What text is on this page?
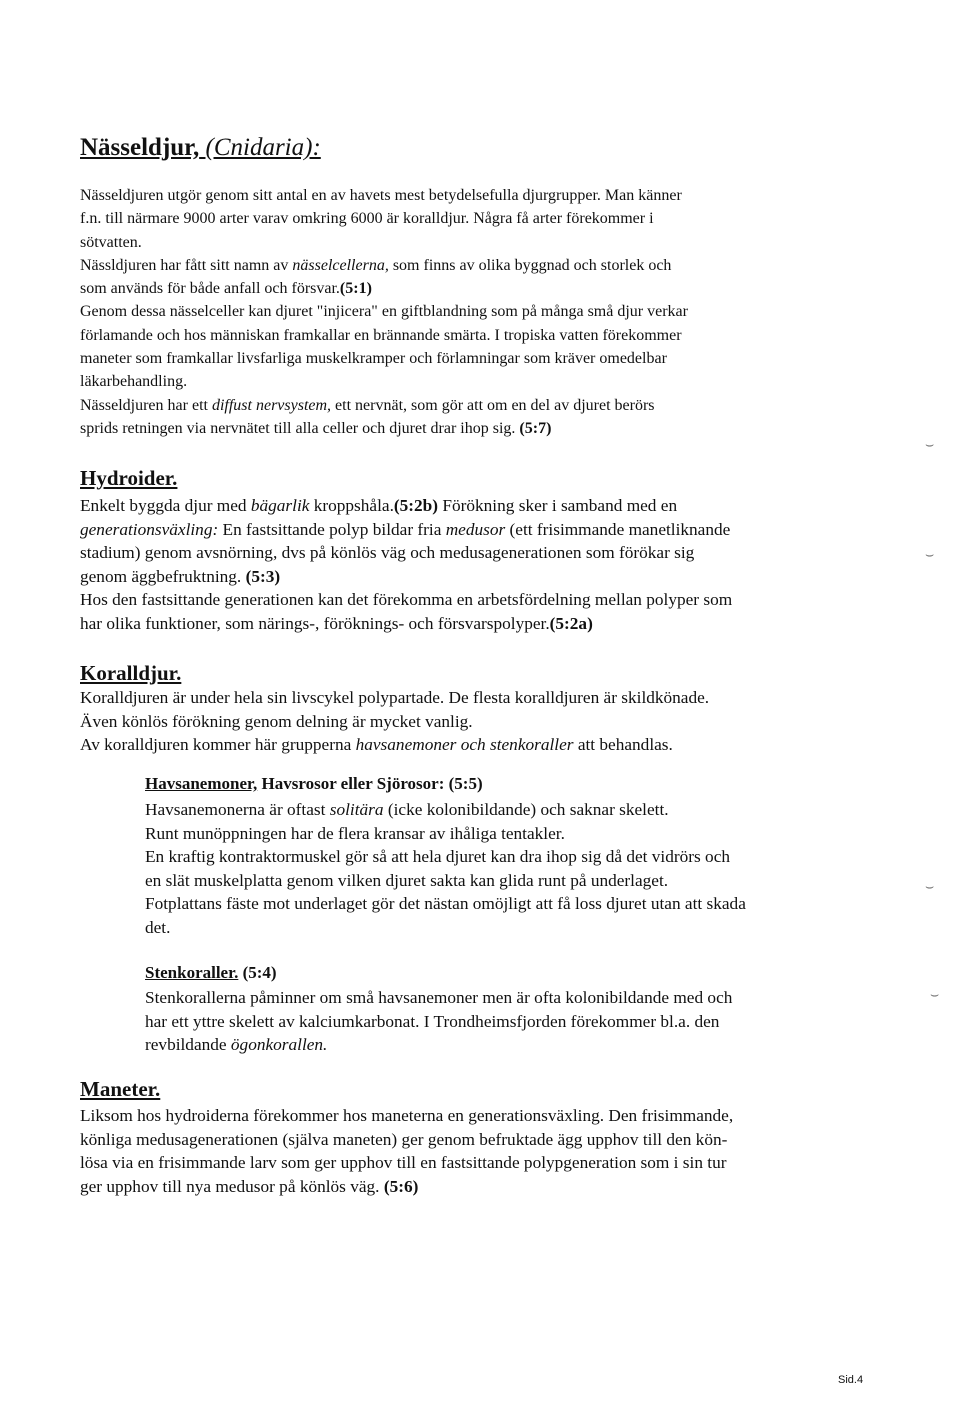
Nässeldjur, (Cnidaria):
Nässeldjuren utgör genom sitt antal en av havets mest betydelsefulla djurgrupper. Man känner
f.n. till närmare 9000 arter varav omkring 6000 är koralldjur. Några få arter förekommer i
sötvatten.
Nässldjuren har fått sitt namn av nässelcellerna, som finns av olika byggnad och storlek och
som används för både anfall och försvar.(5:1)
Genom dessa nässelceller kan djuret "injicera" en giftblandning som på många små djur verkar
förlamande och hos människan framkallar en brännande smärta. I tropiska vatten förekommer
maneter som framkallar livsfarliga muskelkramper och förlamningar som kräver omedelbar
läkarbehandling.
Nässeldjuren har ett diffust nervsystem, ett nervnät, som gör att om en del av djuret berörs
sprids retningen via nervnätet till alla celler och djuret drar ihop sig. (5:7)
Hydroider.
Enkelt byggda djur med bägarlik kroppshåla.(5:2b) Förökning sker i samband med en
generationsväxling: En fastsittande polyp bildar fria medusor (ett frisimmande manetliknande
stadium) genom avsnörning, dvs på könlös väg och medusagenerationen som förökar sig
genom äggbefruktning. (5:3)
Hos den fastsittande generationen kan det förekomma en arbetsfördelning mellan polyper som
har olika funktioner, som närings-, föröknings- och försvarspolyper.(5:2a)
Koralldjur.
Koralldjuren är under hela sin livscykel polypartade. De flesta koralldjuren är skildkönade.
Även könlös förökning genom delning är mycket vanlig.
Av koralldjuren kommer här grupperna havsanemoner och stenkoraller att behandlas.
Havsanemoner, Havsrosor eller Sjörosor: (5:5)
Havsanemonerna är oftast solitära (icke kolonibildande) och saknar skelett.
Runt munöppningen har de flera kransar av ihåliga tentakler.
En kraftig kontraktormuskel gör så att hela djuret kan dra ihop sig då det vidrörs och
en slät muskelplatta genom vilken djuret sakta kan glida runt på underlaget.
Fotplattans fäste mot underlaget gör det nästan omöjligt att få loss djuret utan att skada
det.
Stenkoraller. (5:4)
Stenkorallerna påminner om små havsanemoner men är ofta kolonibildande med och
har ett yttre skelett av kalciumkarbonat. I Trondheimsfjorden förekommer bl.a. den
revbildande ögonkorallen.
Maneter.
Liksom hos hydroiderna förekommer hos maneterna en generationsväxling. Den frisimmande,
könliga medusagenerationen (själva maneten) ger genom befruktade ägg upphov till den kön-
lösa via en frisimmande larv som ger upphov till en fastsittande polypgeneration som i sin tur
ger upphov till nya medusor på könlös väg. (5:6)
⌣
⌣
⌣
⌣
Sid.4
